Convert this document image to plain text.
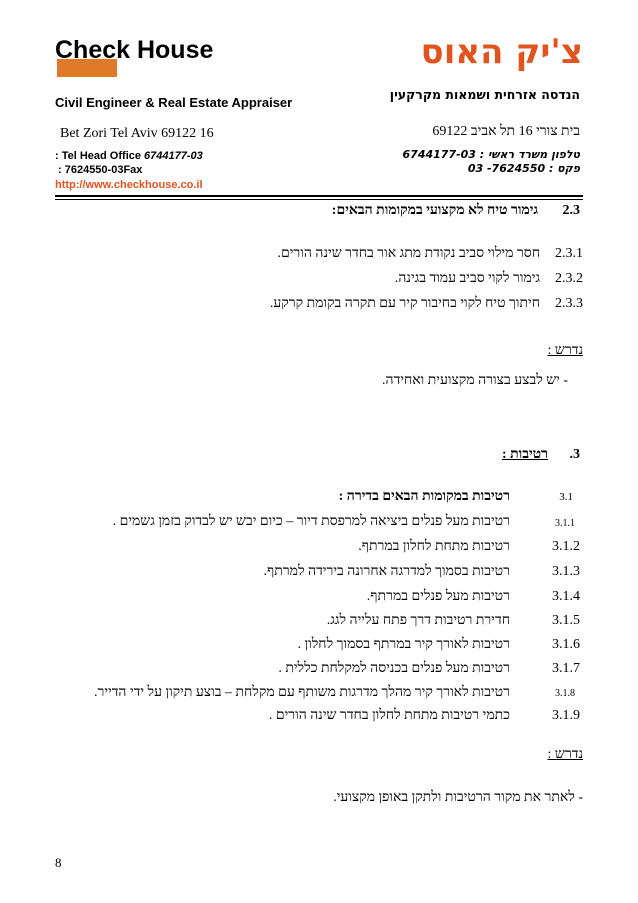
Check House	צ'יק האוס
Civil Engineer & Real Estate Appraiser
הנדסה אזרחית ושמאות מקרקעין
Bet Zori Tel Aviv 69122 16	בית צורי 16 תל אביב 69122
: Tel Head Office 6744177-03
: 7624550-03Fax
http://www.checkhouse.co.il
טלפון משרד ראשי : 6744177-03
פקס : 7624550- 03
2.3
גימור טיח לא מקצועי במקומות הבאים:
2.3.1
חסר מילוי סביב נקודת מתג אור בחדר שינה הורים.
2.3.2
גימור לקוי סביב עמוד בגינה.
2.3.3
חיתוך טיח לקוי בחיבור קיר עם תקרה בקומת קרקע.
נדרש :
- יש לבצע בצורה מקצועית ואחידה.
.3
רטיבות :
3.1
רטיבות במקומות הבאים בדירה :
3.1.1
רטיבות מעל פנלים ביציאה למרפסת דיור – כיום יבש יש לבדוק בזמן גשמים .
3.1.2
רטיבות מתחת לחלון במרתף.
3.1.3
רטיבות בסמוך למדרגה אחרונה בירידה למרתף.
3.1.4
רטיבות מעל פנלים במרתף.
3.1.5
חדירת רטיבות דרך פתח עלייה לגג.
3.1.6
רטיבות לאורך קיר במרתף בסמוך לחלון .
3.1.7
רטיבות מעל פנלים בכניסה למקלחת כללית .
3.1.8
רטיבות לאורך קיר מהלך מדרגות משותף עם מקלחת – בוצע תיקון על ידי הדייר.
3.1.9
כתמי רטיבות מתחת לחלון בחדר שינה הורים .
נדרש :
- לאתר את מקור הרטיבות ולתקן באופן מקצועי.
8
